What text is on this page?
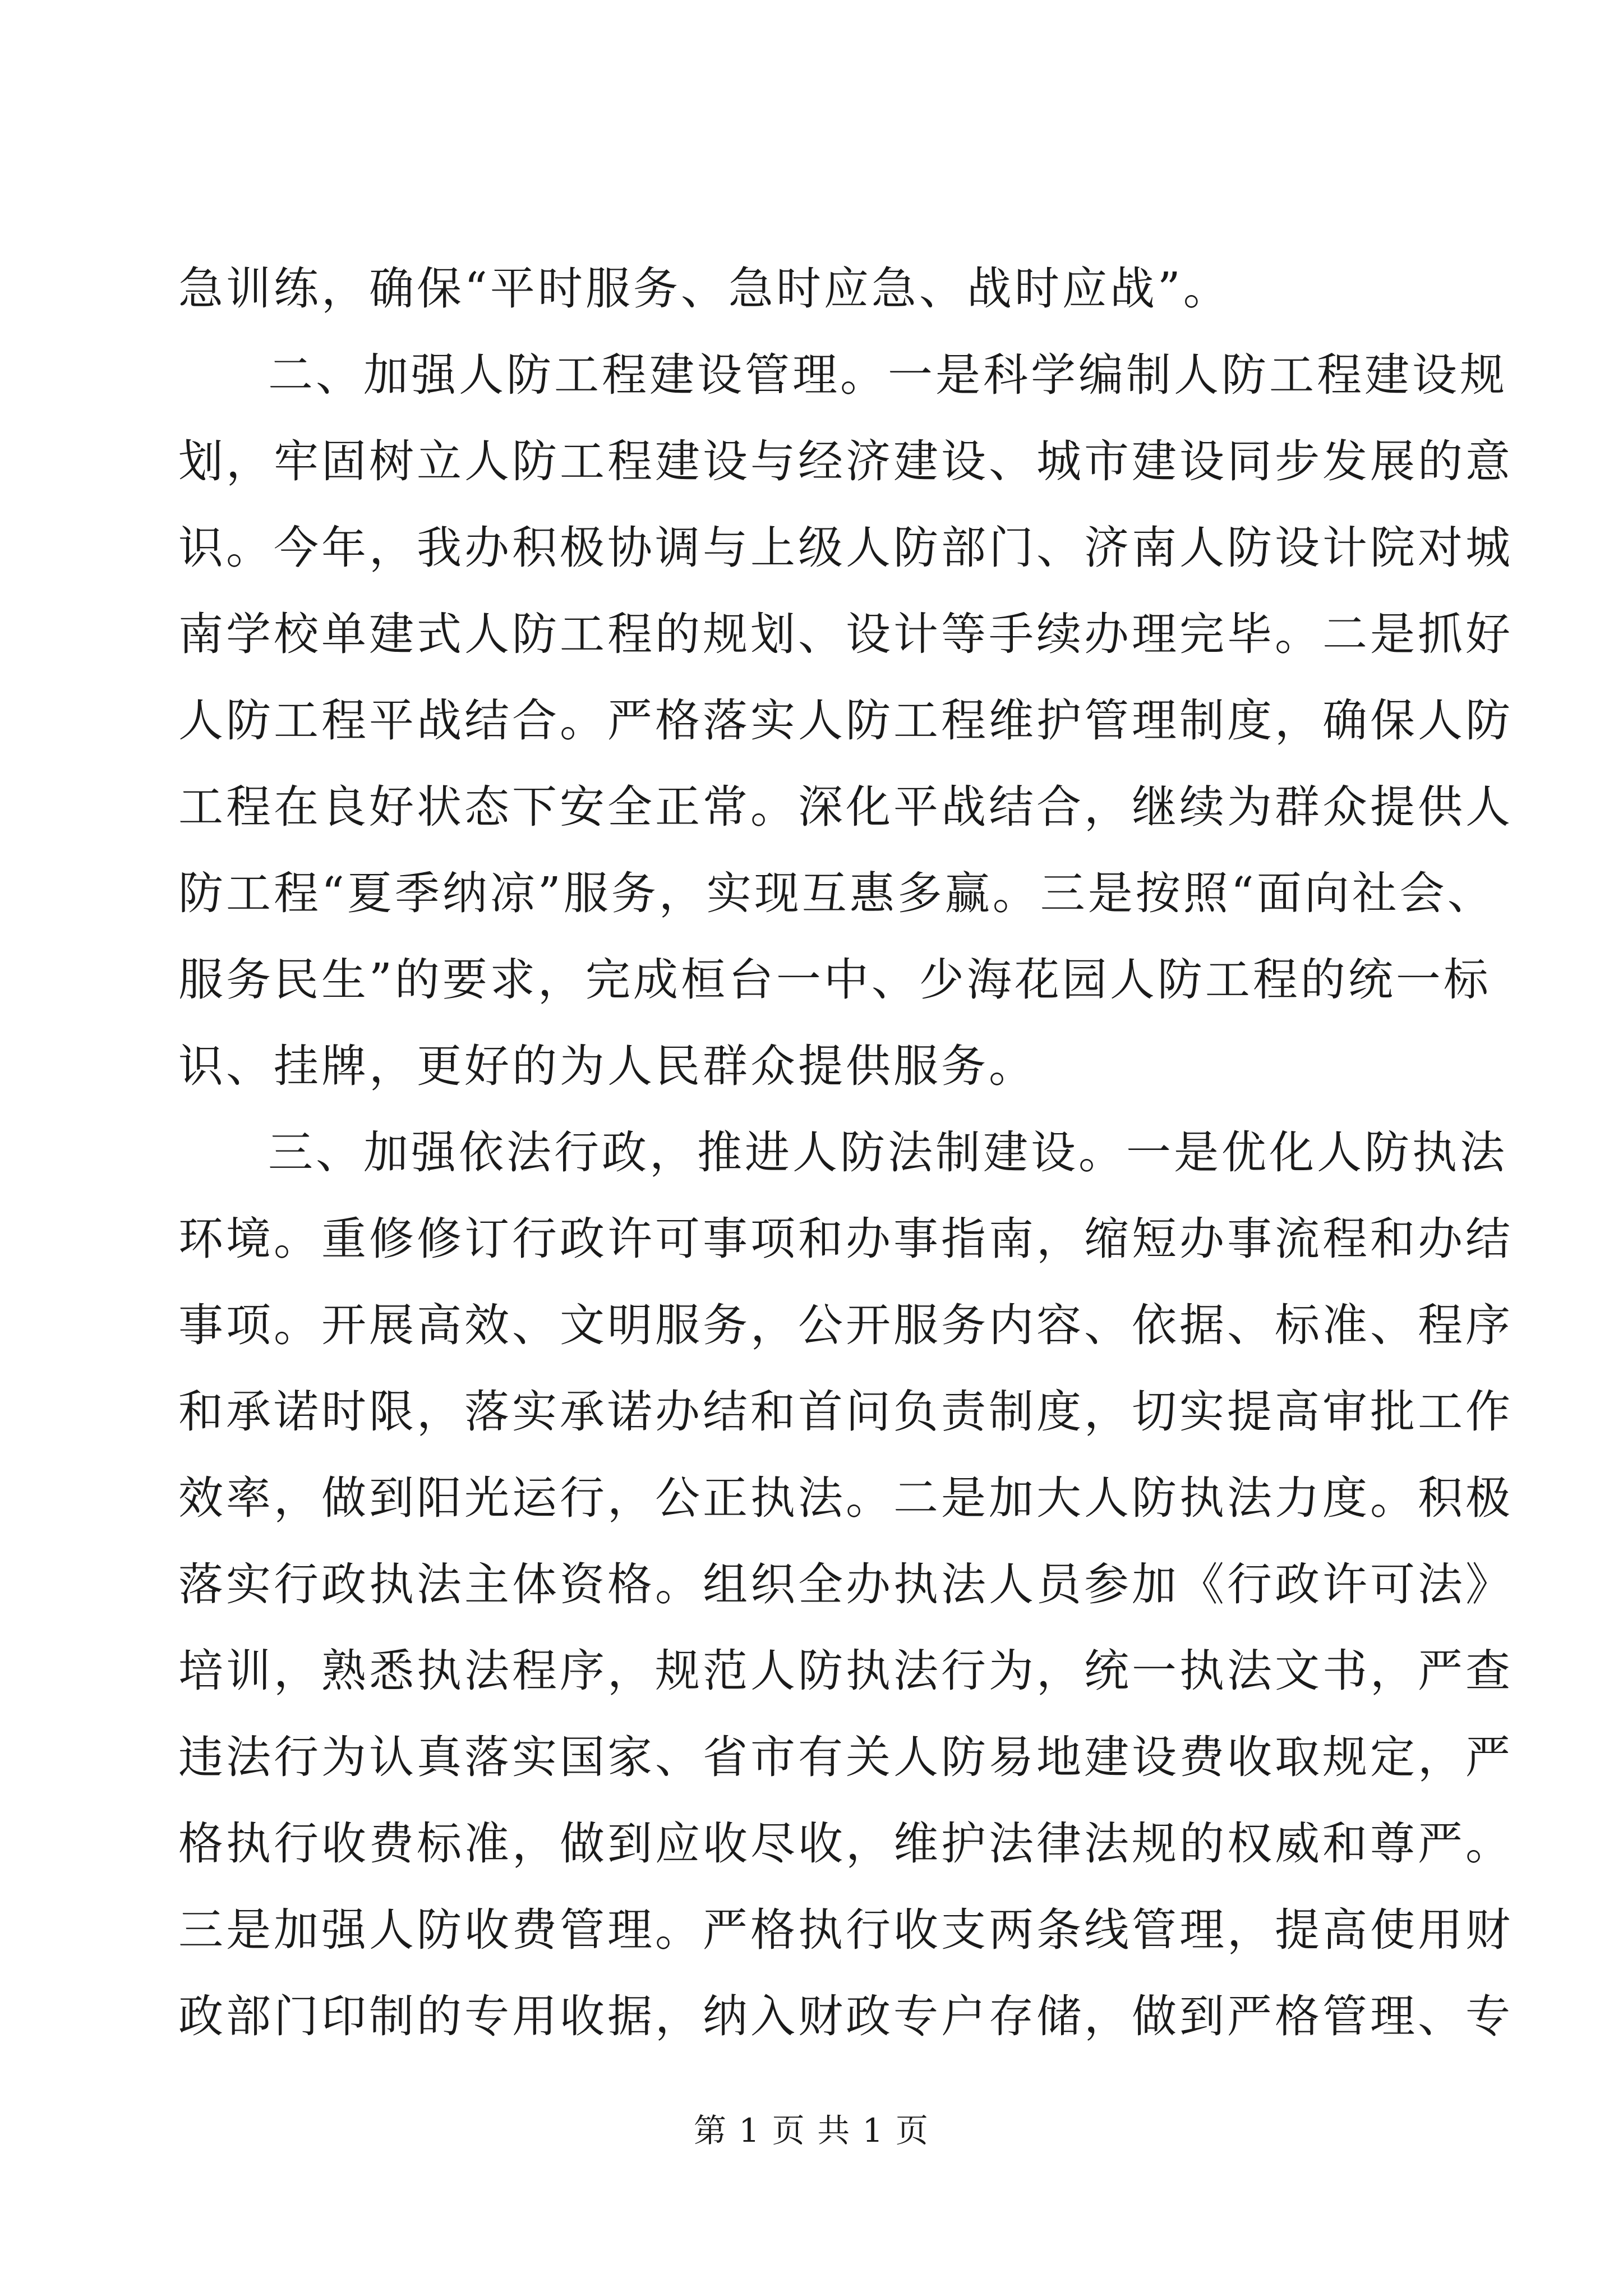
急训练，确保“平时服务、急时应急、战时应战”。
二、加强人防工程建设管理。一是科学编制人防工程建设规
划，牢固树立人防工程建设与经济建设、城市建设同步发展的意
识。今年，我办积极协调与上级人防部门、济南人防设计院对城
南学校单建式人防工程的规划、设计等手续办理完毕。二是抓好
人防工程平战结合。严格落实人防工程维护管理制度，确保人防
工程在良好状态下安全正常。深化平战结合，继续为群众提供人
防工程“夏季纳凉”服务，实现互惠多赢。三是按照“面向社会、
服务民生”的要求，完成桓台一中、少海花园人防工程的统一标
识、挂牌，更好的为人民群众提供服务。
三、加强依法行政，推进人防法制建设。一是优化人防执法
环境。重修修订行政许可事项和办事指南，缩短办事流程和办结
事项。开展高效、文明服务，公开服务内容、依据、标准、程序
和承诺时限，落实承诺办结和首问负责制度，切实提高审批工作
效率，做到阳光运行，公正执法。二是加大人防执法力度。积极
落实行政执法主体资格。组织全办执法人员参加《行政许可法》
培训，熟悉执法程序，规范人防执法行为，统一执法文书，严查
违法行为认真落实国家、省市有关人防易地建设费收取规定，严
格执行收费标准，做到应收尽收，维护法律法规的权威和尊严。
三是加强人防收费管理。严格执行收支两条线管理，提高使用财
政部门印制的专用收据，纳入财政专户存储，做到严格管理、专
第 1 页 共 1 页
